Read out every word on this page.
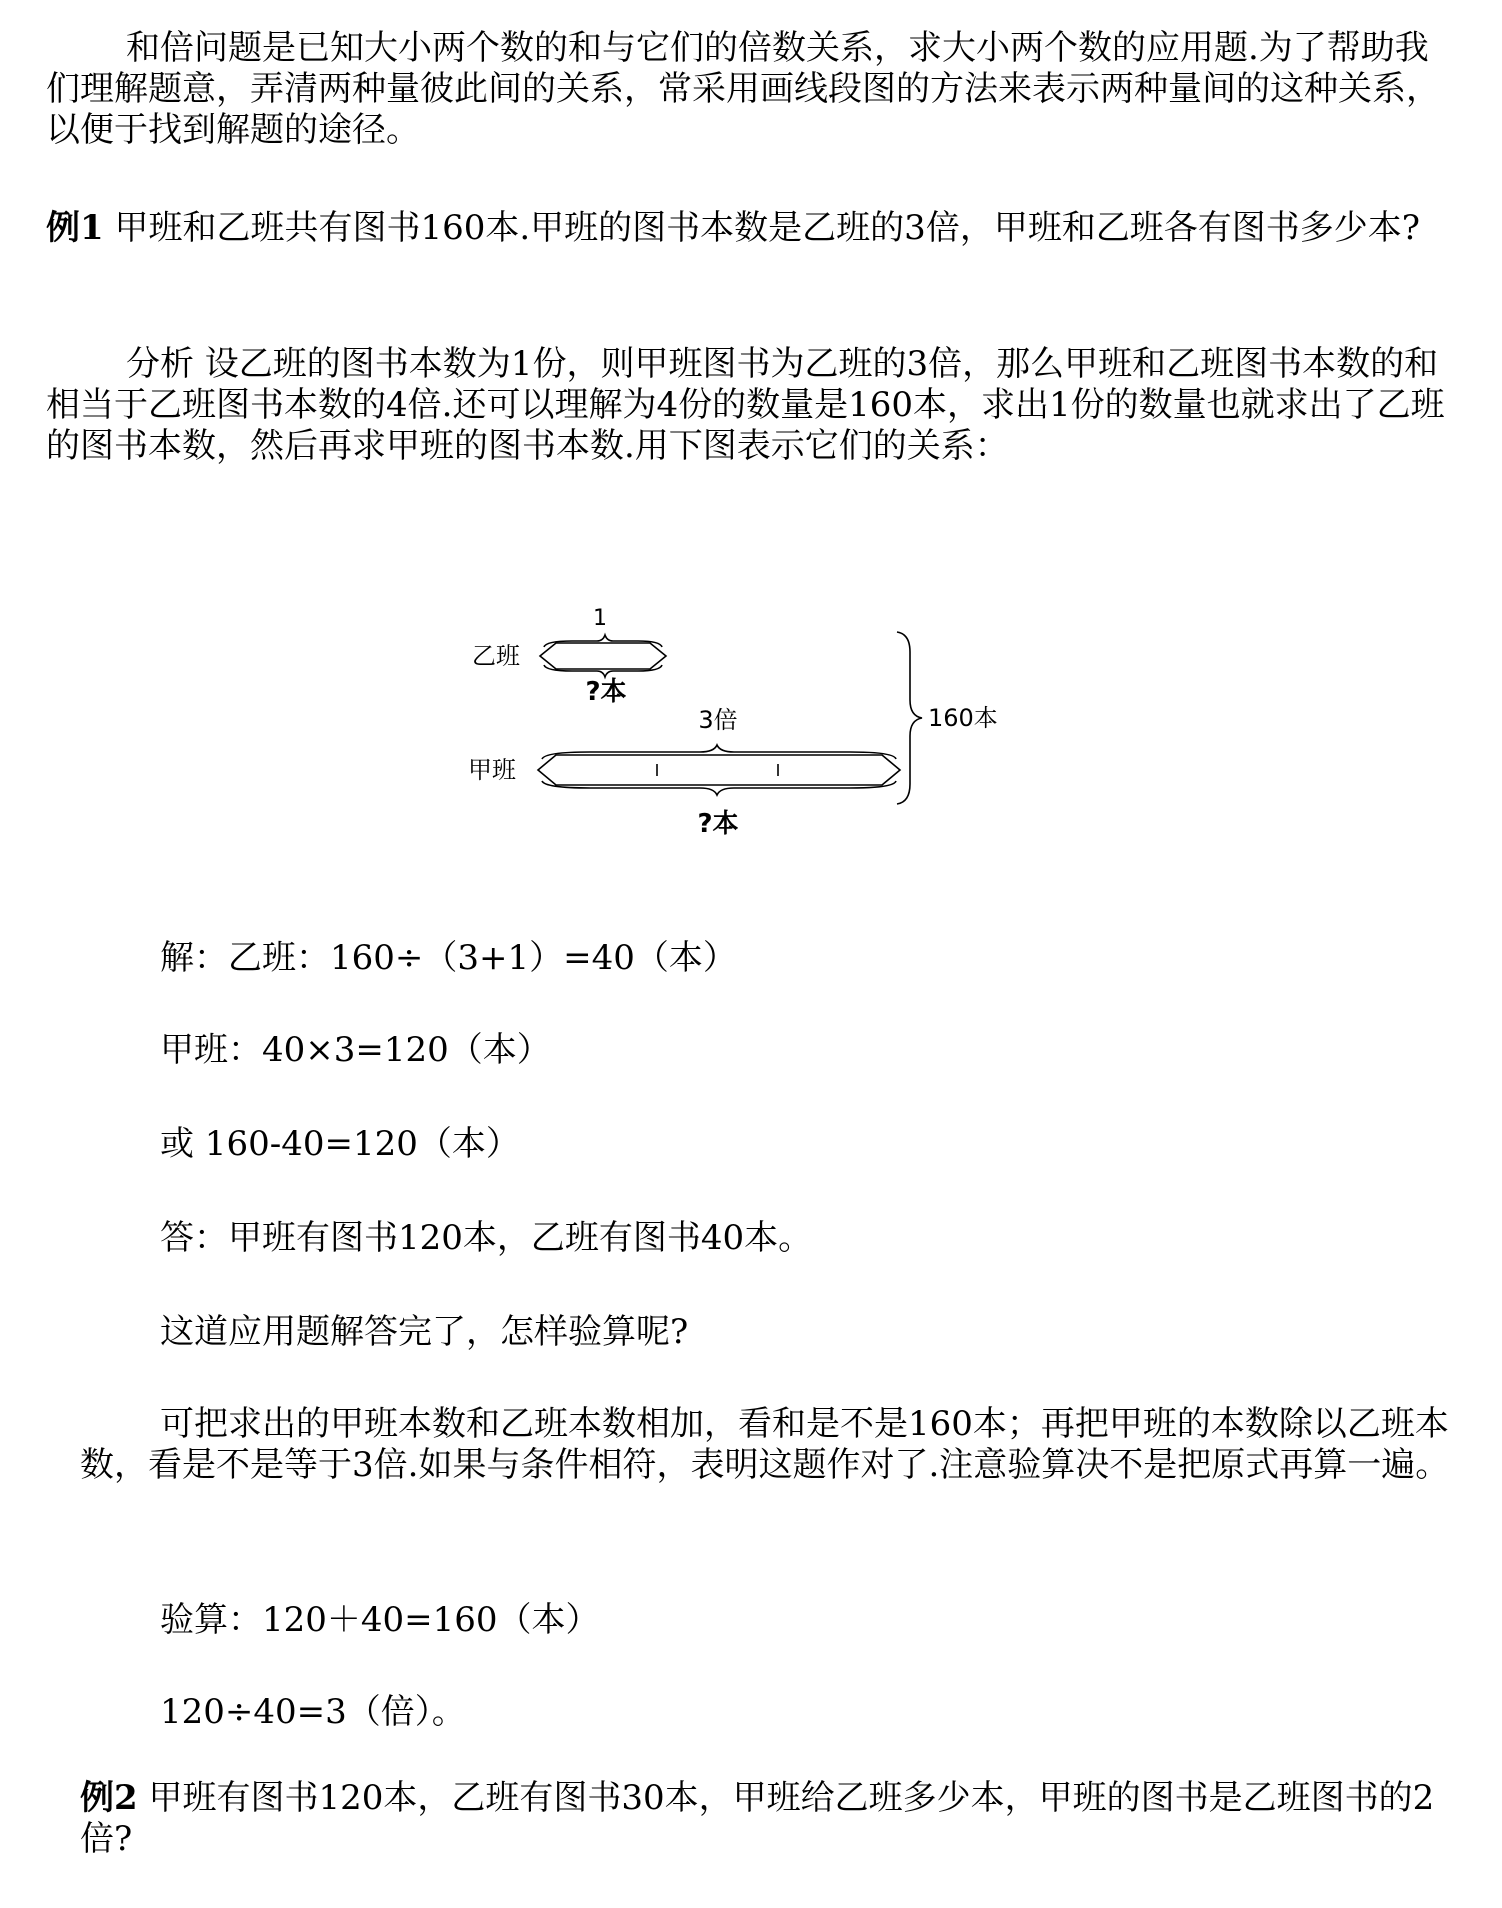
和倍问题是已知大小两个数的和与它们的倍数关系，求大小两个数的应用题.为了帮助我们理解题意，弄清两种量彼此间的关系，常采用画线段图的方法来表示两种量间的这种关系，以便于找到解题的途径。

例1 甲班和乙班共有图书160本.甲班的图书本数是乙班的3倍，甲班和乙班各有图书多少本?

分析 设乙班的图书本数为1份，则甲班图书为乙班的3倍，那么甲班和乙班图书本数的和相当于乙班图书本数的4倍.还可以理解为4份的数量是160本，求出1份的数量也就求出了乙班的图书本数，然后再求甲班的图书本数.用下图表示它们的关系：

1
乙班
?本
3倍
甲班
?本
160本

解：乙班：160÷（3+1）=40（本）

甲班：40×3=120（本）

或 160-40=120（本）

答：甲班有图书120本，乙班有图书40本。

这道应用题解答完了，怎样验算呢?

可把求出的甲班本数和乙班本数相加，看和是不是160本；再把甲班的本数除以乙班本数，看是不是等于3倍.如果与条件相符，表明这题作对了.注意验算决不是把原式再算一遍。

验算：120＋40=160（本）

120÷40=3（倍）。

例2 甲班有图书120本，乙班有图书30本，甲班给乙班多少本，甲班的图书是乙班图书的2倍?
